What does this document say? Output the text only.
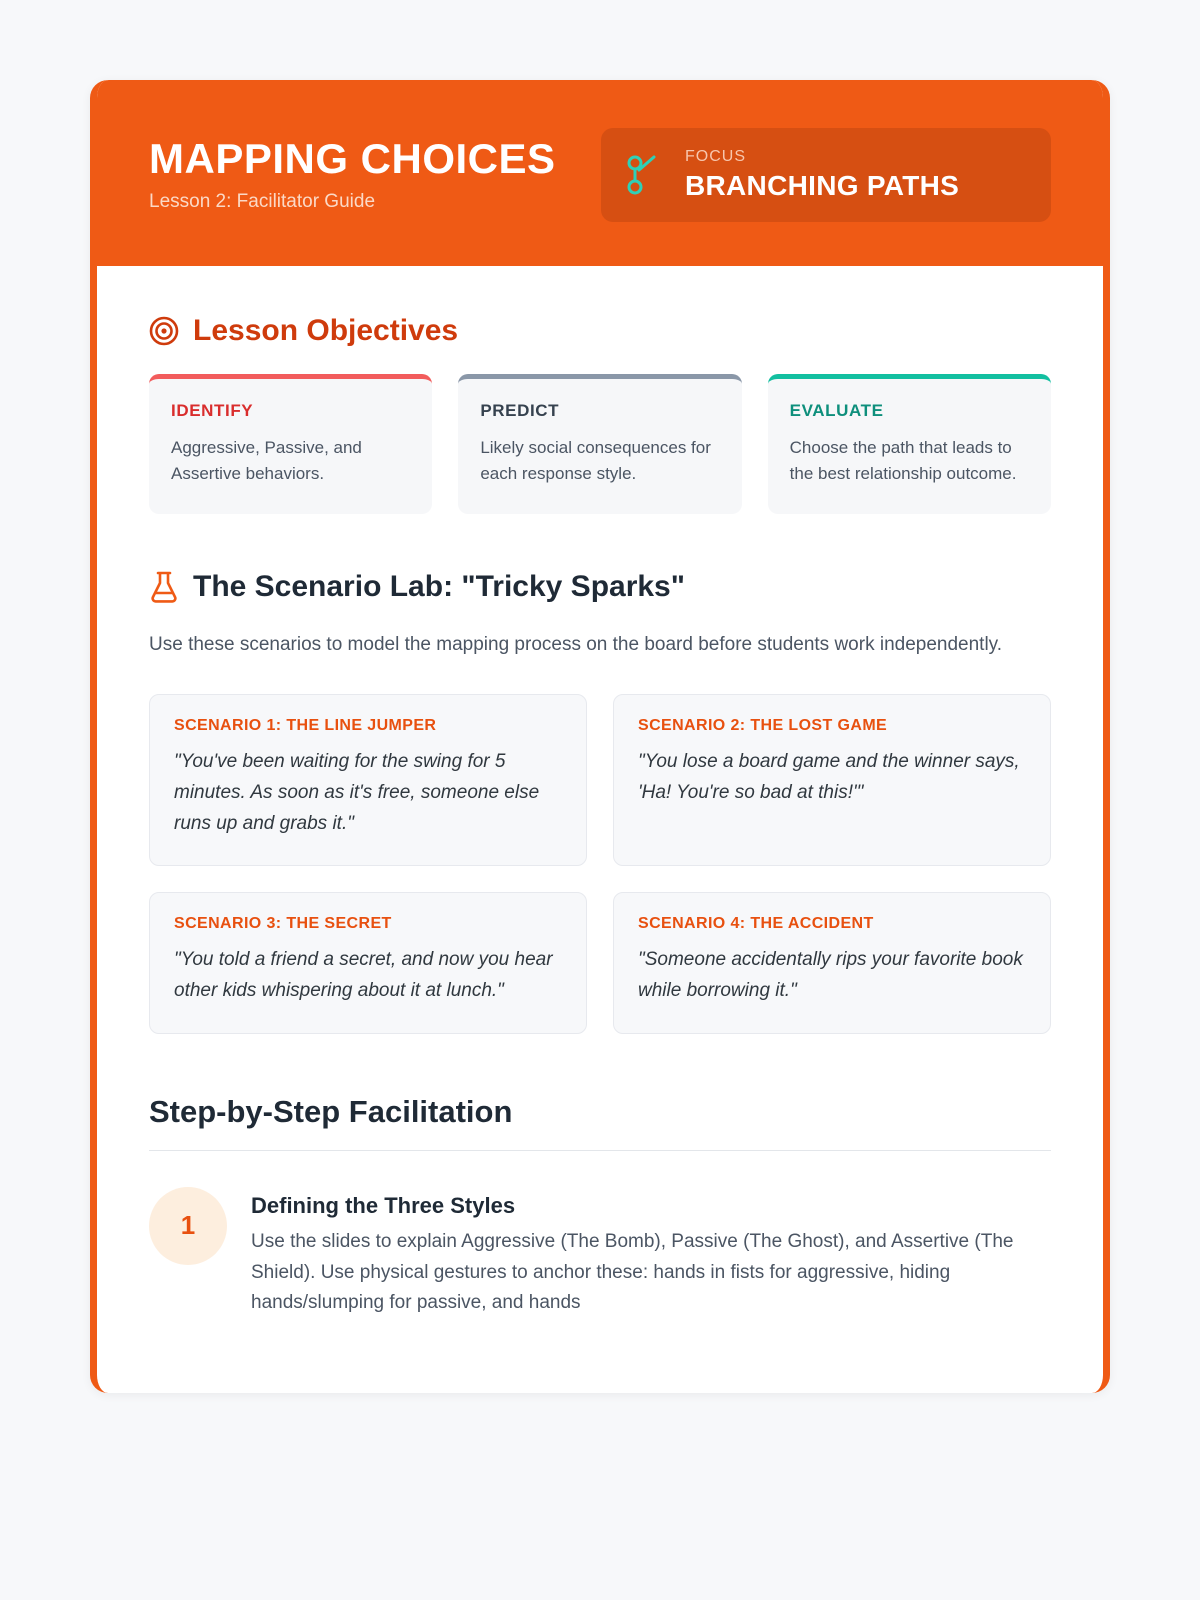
MAPPING CHOICES

Lesson 2: Facilitator Guide

FOCUS
BRANCHING PATHS
Lesson Objectives
IDENTIFY
Aggressive, Passive, and Assertive behaviors.
PREDICT
Likely social consequences for each response style.
EVALUATE
Choose the path that leads to the best relationship outcome.
The Scenario Lab: "Tricky Sparks"

Use these scenarios to model the mapping process on the board before students work independently.

SCENARIO 1: THE LINE JUMPER
"You've been waiting for the swing for 5 minutes. As soon as it's free, someone else runs up and grabs it."
SCENARIO 2: THE LOST GAME
"You lose a board game and the winner says, 'Ha! You're so bad at this!'"
SCENARIO 3: THE SECRET
"You told a friend a secret, and now you hear other kids whispering about it at lunch."
SCENARIO 4: THE ACCIDENT
"Someone accidentally rips your favorite book while borrowing it."
Step-by-Step Facilitation
1
Defining the Three Styles
Use the slides to explain Aggressive (The Bomb), Passive (The Ghost), and Assertive (The Shield). Use physical gestures to anchor these: hands in fists for aggressive, hiding hands/slumping for passive, and hands
